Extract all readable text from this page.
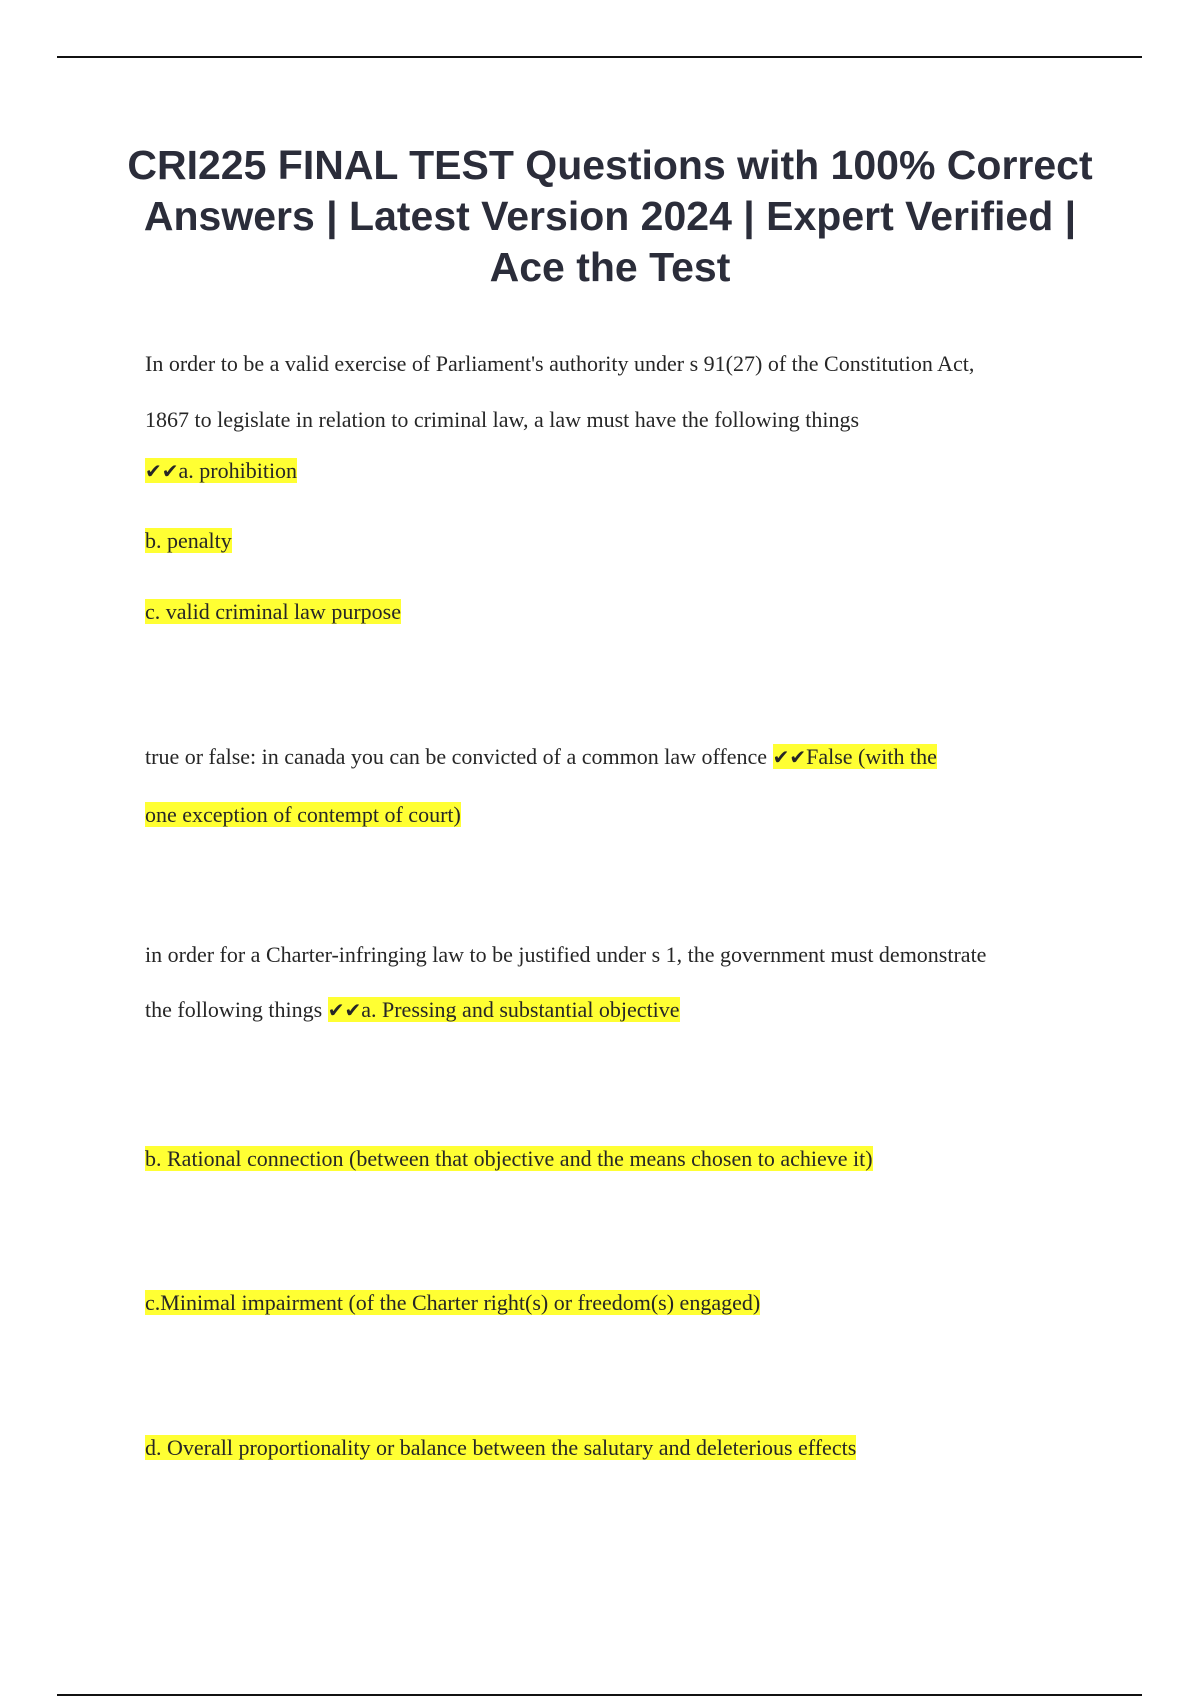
CRI225 FINAL TEST Questions with 100% Correct Answers | Latest Version 2024 | Expert Verified | Ace the Test
In order to be a valid exercise of Parliament's authority under s 91(27) of the Constitution Act,
1867 to legislate in relation to criminal law, a law must have the following things
✔✔a. prohibition
b. penalty
c. valid criminal law purpose
true or false: in canada you can be convicted of a common law offence ✔✔False (with the
one exception of contempt of court)
in order for a Charter-infringing law to be justified under s 1, the government must demonstrate
the following things ✔✔a. Pressing and substantial objective
b. Rational connection (between that objective and the means chosen to achieve it)
c.Minimal impairment (of the Charter right(s) or freedom(s) engaged)
d. Overall proportionality or balance between the salutary and deleterious effects
